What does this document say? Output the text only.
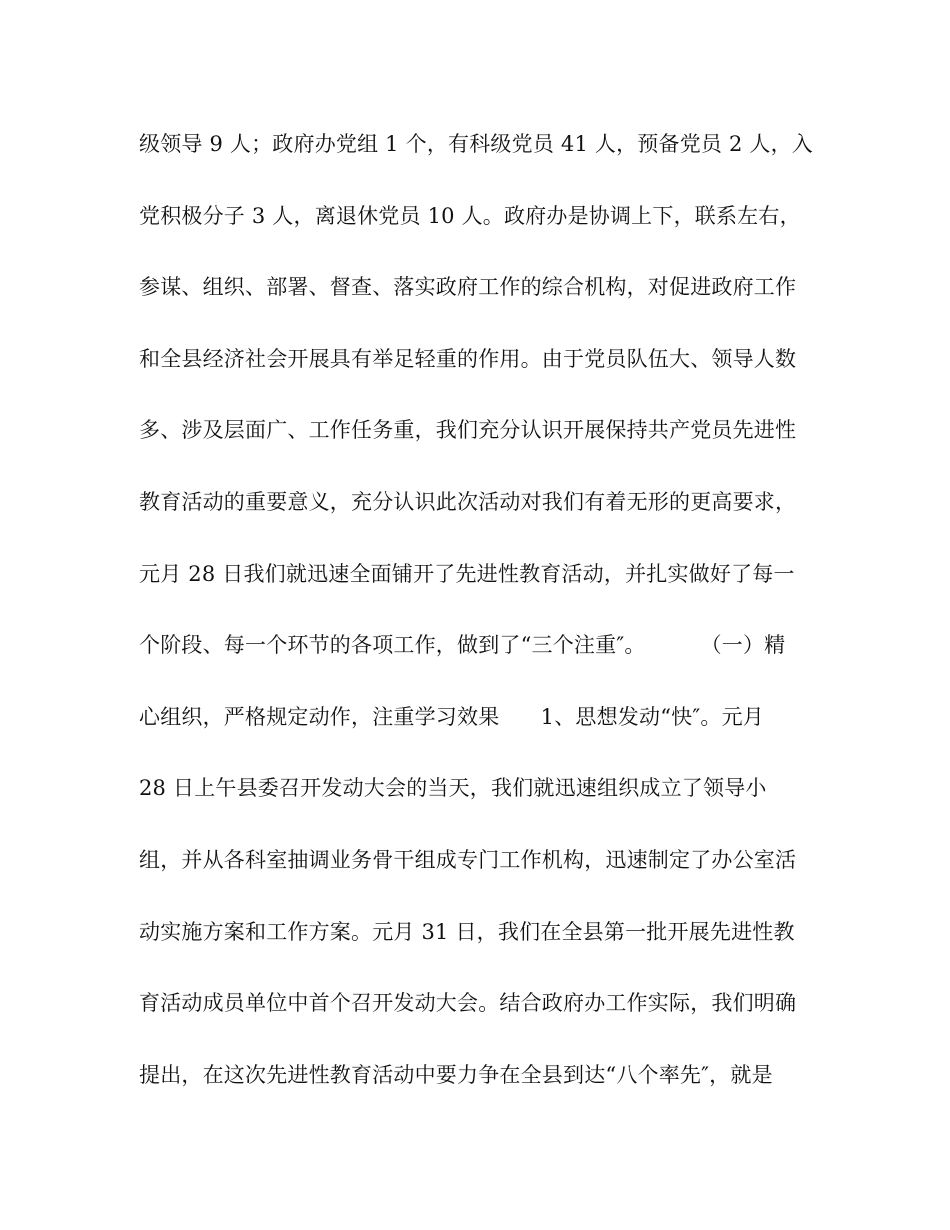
级领导 9 人；政府办党组 1 个，有科级党员 41 人，预备党员 2 人，入
党积极分子 3 人，离退休党员 10 人。政府办是协调上下，联系左右，
参谋、组织、部署、督查、落实政府工作的综合机构，对促进政府工作
和全县经济社会开展具有举足轻重的作用。由于党员队伍大、领导人数
多、涉及层面广、工作任务重，我们充分认识开展保持共产党员先进性
教育活动的重要意义，充分认识此次活动对我们有着无形的更高要求，
元月 28 日我们就迅速全面铺开了先进性教育活动，并扎实做好了每一
个阶段、每一个环节的各项工作，做到了“三个注重″。        （一）精
心组织，严格规定动作，注重学习效果      1、思想发动“快″。元月
28 日上午县委召开发动大会的当天，我们就迅速组织成立了领导小
组，并从各科室抽调业务骨干组成专门工作机构，迅速制定了办公室活
动实施方案和工作方案。元月 31 日，我们在全县第一批开展先进性教
育活动成员单位中首个召开发动大会。结合政府办工作实际，我们明确
提出，在这次先进性教育活动中要力争在全县到达“八个率先″，就是
